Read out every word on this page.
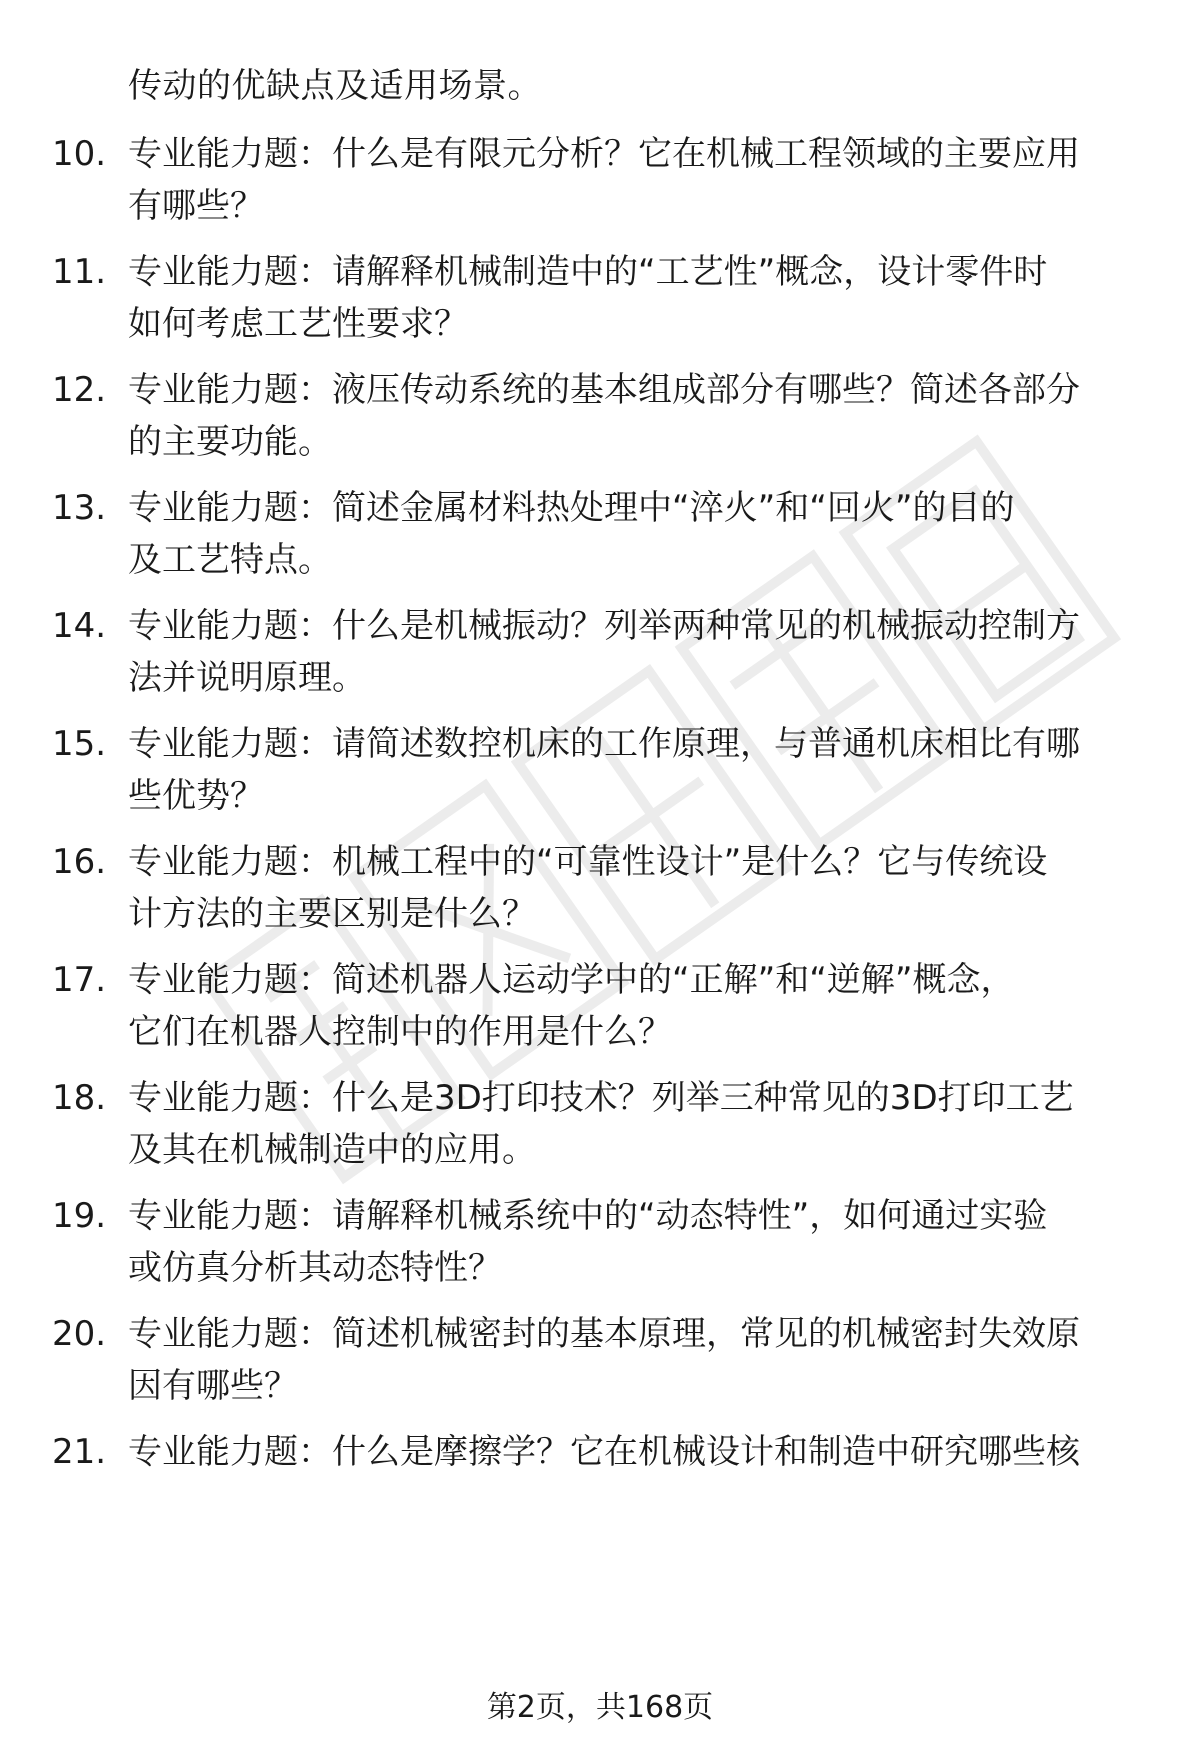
传动的优缺点及适用场景。
10. 专业能力题：什么是有限元分析？它在机械工程领域的主要应用
有哪些？
11. 专业能力题：请解释机械制造中的“工艺性”概念，设计零件时
如何考虑工艺性要求？
12. 专业能力题：液压传动系统的基本组成部分有哪些？简述各部分
的主要功能。
13. 专业能力题：简述金属材料热处理中“淬火”和“回火”的目的
及工艺特点。
14. 专业能力题：什么是机械振动？列举两种常见的机械振动控制方
法并说明原理。
15. 专业能力题：请简述数控机床的工作原理，与普通机床相比有哪
些优势？
16. 专业能力题：机械工程中的“可靠性设计”是什么？它与传统设
计方法的主要区别是什么？
17. 专业能力题：简述机器人运动学中的“正解”和“逆解”概念，
它们在机器人控制中的作用是什么？
18. 专业能力题：什么是3D打印技术？列举三种常见的3D打印工艺
及其在机械制造中的应用。
19. 专业能力题：请解释机械系统中的“动态特性”，如何通过实验
或仿真分析其动态特性？
20. 专业能力题：简述机械密封的基本原理，常见的机械密封失效原
因有哪些？
21. 专业能力题：什么是摩擦学？它在机械设计和制造中研究哪些核
第2页，共168页
